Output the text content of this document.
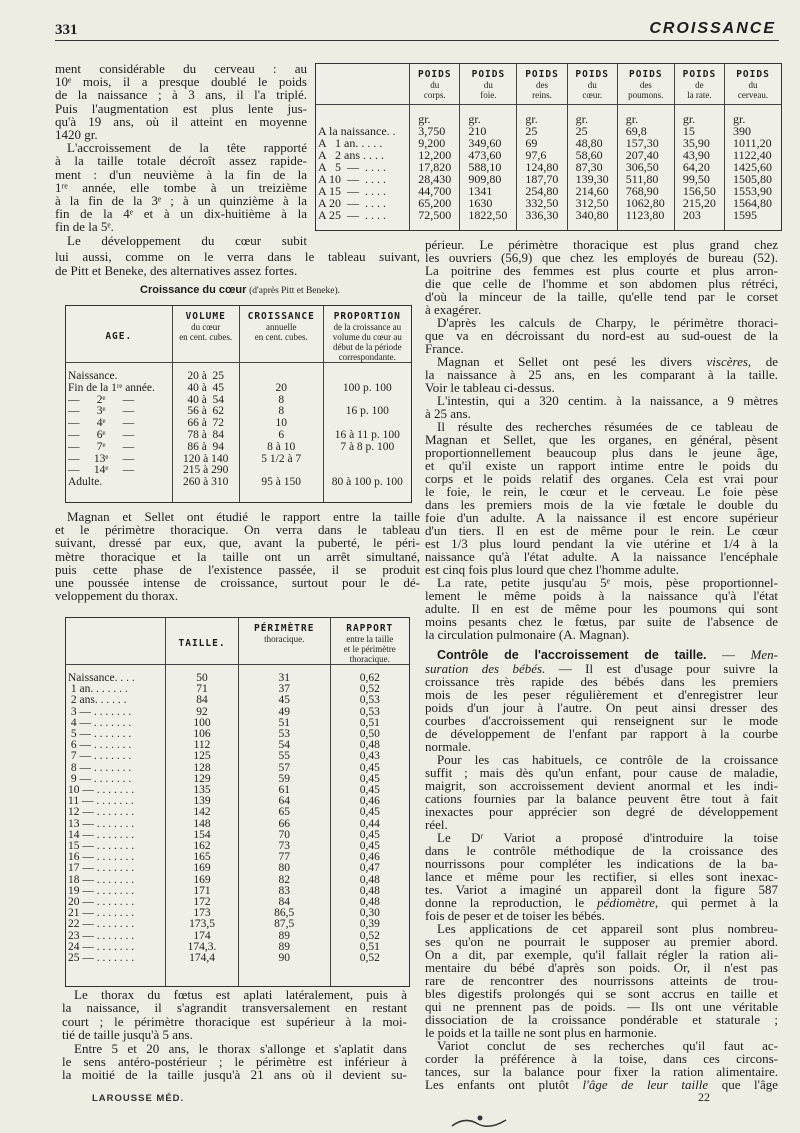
331	CROISSANCE
ment considérable du cerveau : au
10ᵉ mois, il a presque doublé le poids
de la naissance ; à 3 ans, il l'a triplé.
Puis l'augmentation est plus lente jus-
qu'à 19 ans, où il atteint en moyenne
1420 gr.
L'accroissement de la tête rapporté
à la taille totale décroît assez rapide-
ment : d'un neuvième à la fin de la
1ʳᵉ année, elle tombe à un treizième
à la fin de la 3ᵉ ; à un quinzième à la
fin de la 4ᵉ et à un dix-huitième à la
fin de la 5ᵉ.
Le développement du cœur subit
lui aussi, comme on le verra dans le tableau suivant,
de Pitt et Beneke, des alternatives assez fortes.

	POIDS
du
corps.	POIDS
du
foie.	POIDS
des
reins.	POIDS
du
cœur.	POIDS
des
poumons.	POIDS
de
la rate.	POIDS
du
cerveau.
	gr.	gr.	gr.	gr.	gr.	gr.	gr.
A la naissance. .	3,750	210	25	25	69,8	15	390
A   1 an. . . . .	9,200	349,60	69	48,80	157,30	35,90	1011,20
A   2 ans . . . .	12,200	473,60	97,6	58,60	207,40	43,90	1122,40
A   5  —  . . . .	17,820	588,10	124,80	87,30	306,50	64,20	1425,60
A 10  —  . . . .	28,430	909,80	187,70	139,30	511,80	99,50	1505,80
A 15  —  . . . .	44,700	1341	254,80	214,60	768,90	156,50	1553,90
A 20  —  . . . .	65,200	1630	332,50	312,50	1062,80	215,20	1564,80
A 25  —  . . . .	72,500	1822,50	336,30	340,80	1123,80	203	1595
Croissance du cœur (d'après Pitt et Beneke).
AGE.	VOLUME
du cœur
en cent. cubes.	CROISSANCE
annuelle
en cent. cubes.	PROPORTION
de la croissance au
volume du cœur au
début de la période
correspondante.
Naissance.	20 à  25		
Fin de la 1ʳᵉ année.	40 à  45	20	100 p. 100
—      2ᵉ      —	40 à  54	8	
—      3ᵉ      —	56 à  62	8	16 p. 100
—      4ᵉ      —	66 à  72	10	
—      6ᵉ      —	78 à  84	6	16 à 11 p. 100
—      7ᵉ      —	86 à  94	8 à 10	7 à 8 p. 100
—     13ᵉ     —	120 à 140	5 1/2 à 7	
—     14ᵉ     —	215 à 290		
Adulte.	260 à 310	95 à 150	80 à 100 p. 100
Magnan et Sellet ont étudié le rapport entre la taille
et le périmètre thoracique. On verra dans le tableau
suivant, dressé par eux, que, avant la puberté, le péri-
mètre thoracique et la taille ont un arrêt simultané,
puis cette phase de l'existence passée, il se produit
une poussée intense de croissance, surtout pour le dé-
veloppement du thorax.

	TAILLE.	PÉRIMÈTRE
thoracique.	RAPPORT
entre la taille
et le périmètre
thoracique.
Naissance. . . .	50	31	0,62
1 an. . . . . . .	71	37	0,52
2 ans. . . . . .	84	45	0,53
3 — . . . . . . .	92	49	0,53
4 — . . . . . . .	100	51	0,51
5 — . . . . . . .	106	53	0,50
6 — . . . . . . .	112	54	0,48
7 — . . . . . . .	125	55	0,43
8 — . . . . . . .	128	57	0,45
9 — . . . . . . .	129	59	0,45
10 — . . . . . . .	135	61	0,45
11 — . . . . . . .	139	64	0,46
12 — . . . . . . .	142	65	0,45
13 — . . . . . . .	148	66	0,44
14 — . . . . . . .	154	70	0,45
15 — . . . . . . .	162	73	0,45
16 — . . . . . . .	165	77	0,46
17 — . . . . . . .	169	80	0,47
18 — . . . . . . .	169	82	0,48
19 — . . . . . . .	171	83	0,48
20 — . . . . . . .	172	84	0,48
21 — . . . . . . .	173	86,5	0,30
22 — . . . . . . .	173,5	87,5	0,39
23 — . . . . . . .	174	89	0,52
24 — . . . . . . .	174,3.	89	0,51
25 — . . . . . . .	174,4	90	0,52
Le thorax du fœtus est aplati latéralement, puis à
la naissance, il s'agrandit transversalement en restant
court ; le périmètre thoracique est supérieur à la moi-
tié de taille jusqu'à 5 ans.
Entre 5 et 20 ans, le thorax s'allonge et s'aplatit dans
le sens antéro-postérieur ; le périmètre est inférieur à
la moitié de la taille jusqu'à 21 ans où il devient su-
périeur. Le périmètre thoracique est plus grand chez
les ouvriers (56,9) que chez les employés de bureau (52).
La poitrine des femmes est plus courte et plus arron-
die que celle de l'homme et son abdomen plus rétréci,
d'où la minceur de la taille, qu'elle tend par le corset
à exagérer.
D'après les calculs de Charpy, le périmètre thoraci-
que va en décroissant du nord-est au sud-ouest de la
France.
Magnan et Sellet ont pesé les divers viscères, de
la naissance à 25 ans, en les comparant à la taille.
Voir le tableau ci-dessus.
L'intestin, qui a 320 centim. à la naissance, a 9 mètres
à 25 ans.
Il résulte des recherches résumées de ce tableau de
Magnan et Sellet, que les organes, en général, pèsent
proportionnellement beaucoup plus dans le jeune âge,
et qu'il existe un rapport intime entre le poids du
corps et le poids relatif des organes. Cela est vrai pour
le foie, le rein, le cœur et le cerveau. Le foie pèse
dans les premiers mois de la vie fœtale le double du
foie d'un adulte. A la naissance il est encore supérieur
d'un tiers. Il en est de même pour le rein. Le cœur
est 1/3 plus lourd pendant la vie utérine et 1/4 à la
naissance qu'à l'état adulte. A la naissance l'encéphale
est cinq fois plus lourd que chez l'homme adulte.
La rate, petite jusqu'au 5ᵉ mois, pèse proportionnel-
lement le même poids à la naissance qu'à l'état
adulte. Il en est de même pour les poumons qui sont
moins pesants chez le fœtus, par suite de l'absence de
la circulation pulmonaire (A. Magnan).
Contrôle de l'accroissement de taille. — Men-
suration des bébés. — Il est d'usage pour suivre la
croissance très rapide des bébés dans les premiers
mois de les peser régulièrement et d'enregistrer leur
poids d'un jour à l'autre. On peut ainsi dresser des
courbes d'accroissement qui renseignent sur le mode
de développement de l'enfant par rapport à la courbe
normale.
Pour les cas habituels, ce contrôle de la croissance
suffit ; mais dès qu'un enfant, pour cause de maladie,
maigrit, son accroissement devient anormal et les indi-
cations fournies par la balance peuvent être tout à fait
inexactes pour apprécier son degré de développement
réel.
Le Dʳ Variot a proposé d'introduire la toise
dans le contrôle méthodique de la croissance des
nourrissons pour compléter les indications de la ba-
lance et même pour les rectifier, si elles sont inexac-
tes. Variot a imaginé un appareil dont la figure 587
donne la reproduction, le pédiomètre, qui permet à la
fois de peser et de toiser les bébés.
Les applications de cet appareil sont plus nombreu-
ses qu'on ne pourrait le supposer au premier abord.
On a dit, par exemple, qu'il fallait régler la ration ali-
mentaire du bébé d'après son poids. Or, il n'est pas
rare de rencontrer des nourrissons atteints de trou-
bles digestifs prolongés qui se sont accrus en taille et
qui ne prennent pas de poids. — Ils ont une véritable
dissociation de la croissance pondérable et staturale ;
le poids et la taille ne sont plus en harmonie.
Variot conclut de ses recherches qu'il faut ac-
corder la préférence à la toise, dans ces circons-
tances, sur la balance pour fixer la ration alimentaire.
Les enfants ont plutôt l'âge de leur taille que l'âge
LAROUSSE MÉD.	22
